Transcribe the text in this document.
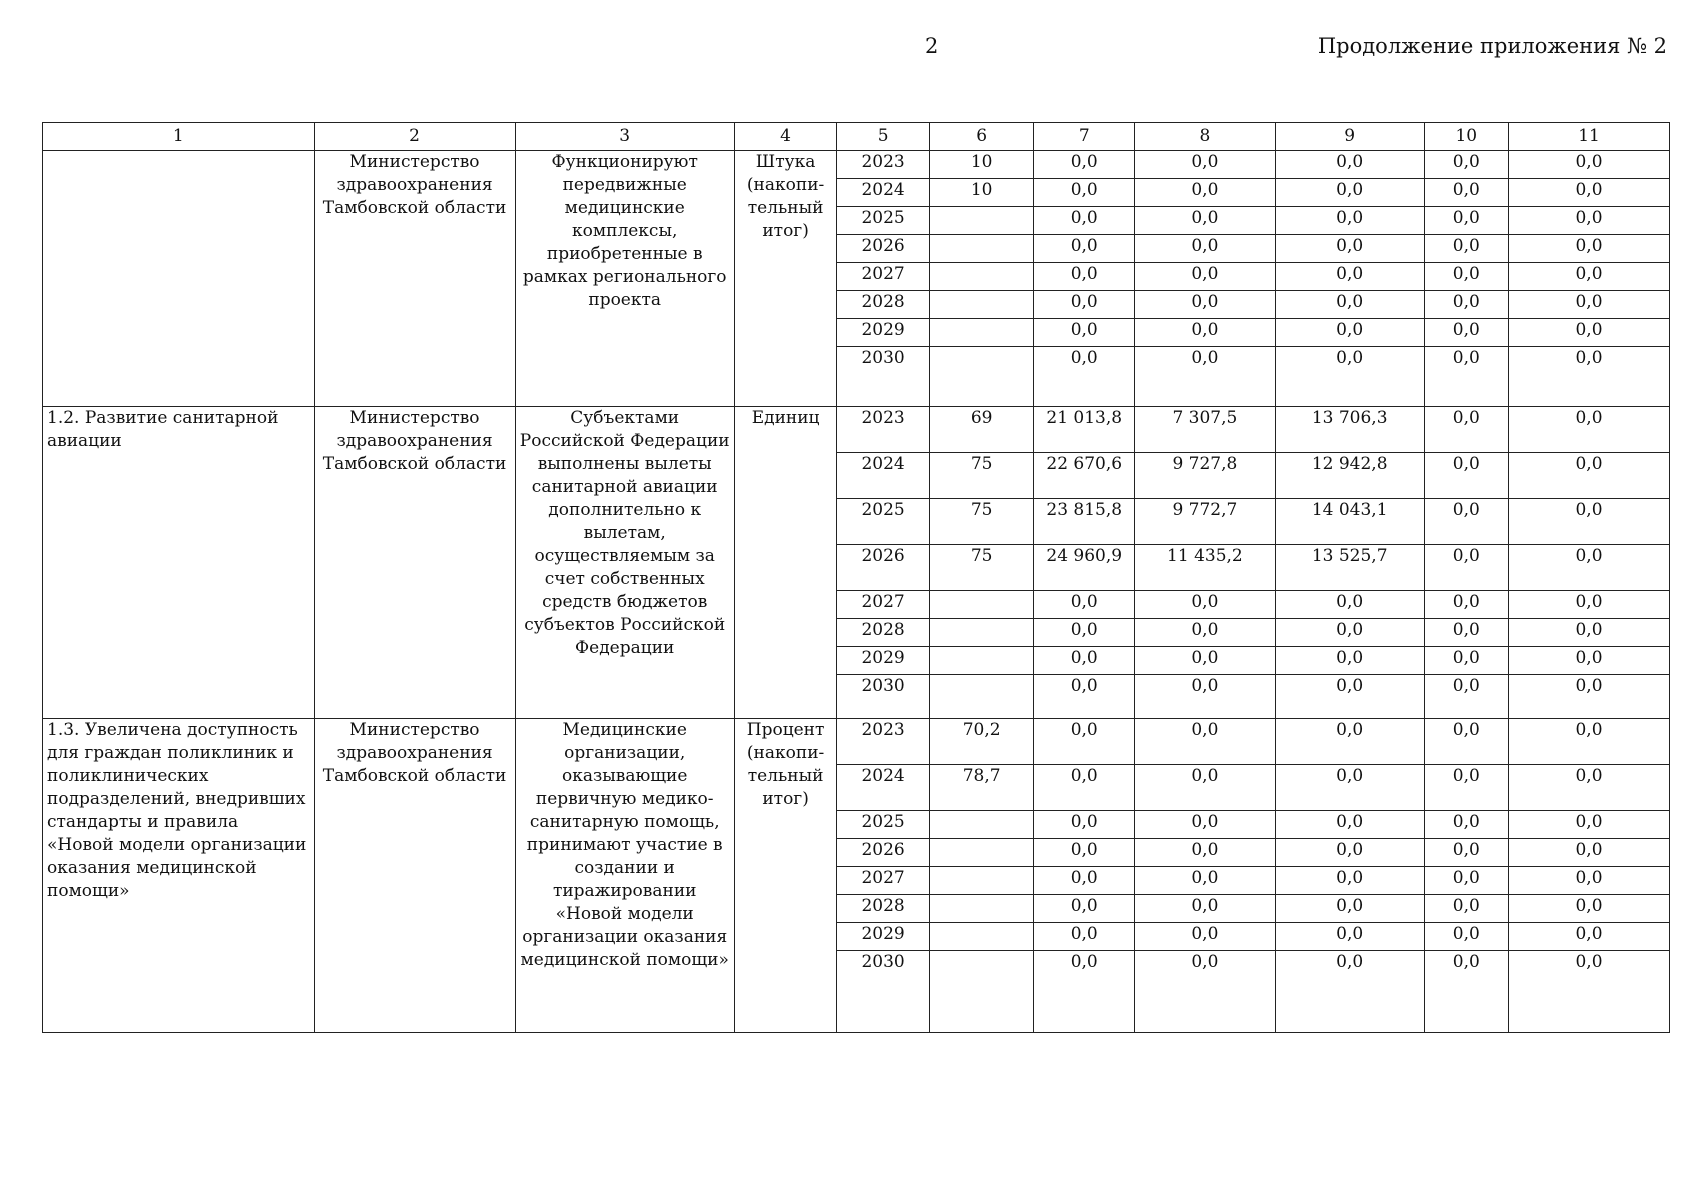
2	Продолжение приложения № 2
1	2	3	4	5	6	7	8	9	10	11
	Министерство здравоохранения Тамбовской области	Функционируют передвижные медицинские комплексы, приобретенные в рамках регионального проекта	Штука (накопи-тельный итог)	2023	10	0,0	0,0	0,0	0,0	0,0
				2024	10	0,0	0,0	0,0	0,0	0,0
				2025		0,0	0,0	0,0	0,0	0,0
				2026		0,0	0,0	0,0	0,0	0,0
				2027		0,0	0,0	0,0	0,0	0,0
				2028		0,0	0,0	0,0	0,0	0,0
				2029		0,0	0,0	0,0	0,0	0,0
				2030		0,0	0,0	0,0	0,0	0,0
1.2. Развитие санитарной авиации	Министерство здравоохранения Тамбовской области	Субъектами Российской Федерации выполнены вылеты санитарной авиации дополнительно к вылетам, осуществляемым за счет собственных средств бюджетов субъектов Российской Федерации	Единиц	2023	69	21 013,8	7 307,5	13 706,3	0,0	0,0
				2024	75	22 670,6	9 727,8	12 942,8	0,0	0,0
				2025	75	23 815,8	9 772,7	14 043,1	0,0	0,0
				2026	75	24 960,9	11 435,2	13 525,7	0,0	0,0
				2027		0,0	0,0	0,0	0,0	0,0
				2028		0,0	0,0	0,0	0,0	0,0
				2029		0,0	0,0	0,0	0,0	0,0
				2030		0,0	0,0	0,0	0,0	0,0
1.3. Увеличена доступность для граждан поликлиник и поликлинических подразделений, внедривших стандарты и правила «Новой модели организации оказания медицинской помощи»	Министерство здравоохранения Тамбовской области	Медицинские организации, оказывающие первичную медико-санитарную помощь, принимают участие в создании и тиражировании «Новой модели организации оказания медицинской помощи»	Процент (накопи-тельный итог)	2023	70,2	0,0	0,0	0,0	0,0	0,0
				2024	78,7	0,0	0,0	0,0	0,0	0,0
				2025		0,0	0,0	0,0	0,0	0,0
				2026		0,0	0,0	0,0	0,0	0,0
				2027		0,0	0,0	0,0	0,0	0,0
				2028		0,0	0,0	0,0	0,0	0,0
				2029		0,0	0,0	0,0	0,0	0,0
				2030		0,0	0,0	0,0	0,0	0,0
